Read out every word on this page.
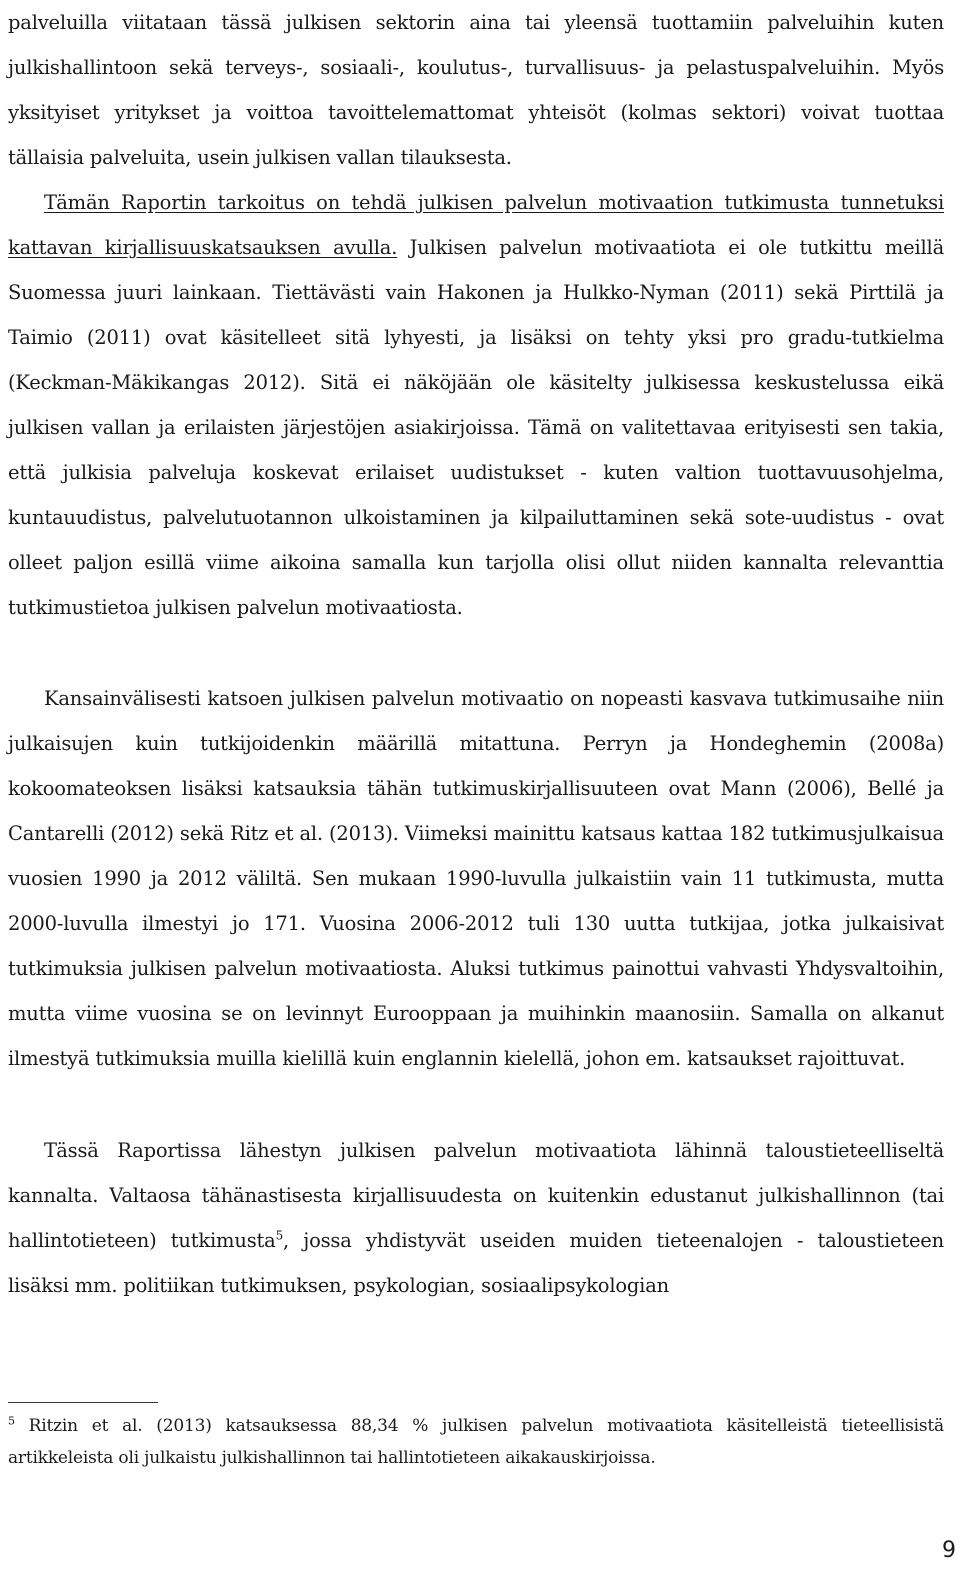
palveluilla viitataan tässä julkisen sektorin aina tai yleensä tuottamiin palveluihin kuten julkishallintoon sekä terveys-, sosiaali-, koulutus-, turvallisuus- ja pelastuspalveluihin. Myös yksityiset yritykset ja voittoa tavoittelemattomat yhteisöt (kolmas sektori) voivat tuottaa tällaisia palveluita, usein julkisen vallan tilauksesta.

Tämän Raportin tarkoitus on tehdä julkisen palvelun motivaation tutkimusta tunnetuksi kattavan kirjallisuuskatsauksen avulla. Julkisen palvelun motivaatiota ei ole tutkittu meillä Suomessa juuri lainkaan. Tiettävästi vain Hakonen ja Hulkko-Nyman (2011) sekä Pirttilä ja Taimio (2011) ovat käsitelleet sitä lyhyesti, ja lisäksi on tehty yksi pro gradu-tutkielma (Keckman-Mäkikangas 2012). Sitä ei näköjään ole käsitelty julkisessa keskustelussa eikä julkisen vallan ja erilaisten järjestöjen asiakirjoissa. Tämä on valitettavaa erityisesti sen takia, että julkisia palveluja koskevat erilaiset uudistukset - kuten valtion tuottavuusohjelma, kuntauudistus, palvelutuotannon ulkoistaminen ja kilpailuttaminen sekä sote-uudistus - ovat olleet paljon esillä viime aikoina samalla kun tarjolla olisi ollut niiden kannalta relevanttia tutkimustietoa julkisen palvelun motivaatiosta.

Kansainvälisesti katsoen julkisen palvelun motivaatio on nopeasti kasvava tutkimusaihe niin julkaisujen kuin tutkijoidenkin määrillä mitattuna. Perryn ja Hondeghemin (2008a) kokoomateoksen lisäksi katsauksia tähän tutkimuskirjallisuuteen ovat Mann (2006), Bellé ja Cantarelli (2012) sekä Ritz et al. (2013). Viimeksi mainittu katsaus kattaa 182 tutkimusjulkaisua vuosien 1990 ja 2012 väliltä. Sen mukaan 1990-luvulla julkaistiin vain 11 tutkimusta, mutta 2000-luvulla ilmestyi jo 171. Vuosina 2006-2012 tuli 130 uutta tutkijaa, jotka julkaisivat tutkimuksia julkisen palvelun motivaatiosta. Aluksi tutkimus painottui vahvasti Yhdysvaltoihin, mutta viime vuosina se on levinnyt Eurooppaan ja muihinkin maanosiin. Samalla on alkanut ilmestyä tutkimuksia muilla kielillä kuin englannin kielellä, johon em. katsaukset rajoittuvat.

Tässä Raportissa lähestyn julkisen palvelun motivaatiota lähinnä taloustieteelliseltä kannalta. Valtaosa tähänastisesta kirjallisuudesta on kuitenkin edustanut julkishallinnon (tai hallintotieteen) tutkimusta$^5$, jossa yhdistyvät useiden muiden tieteenalojen - taloustieteen lisäksi mm. politiikan tutkimuksen, psykologian, sosiaalipsykologian

$^5$ Ritzin et al. (2013) katsauksessa 88,34 % julkisen palvelun motivaatiota käsitelleistä tieteellisistä artikkeleista oli julkaistu julkishallinnon tai hallintotieteen aikakauskirjoissa.

9
